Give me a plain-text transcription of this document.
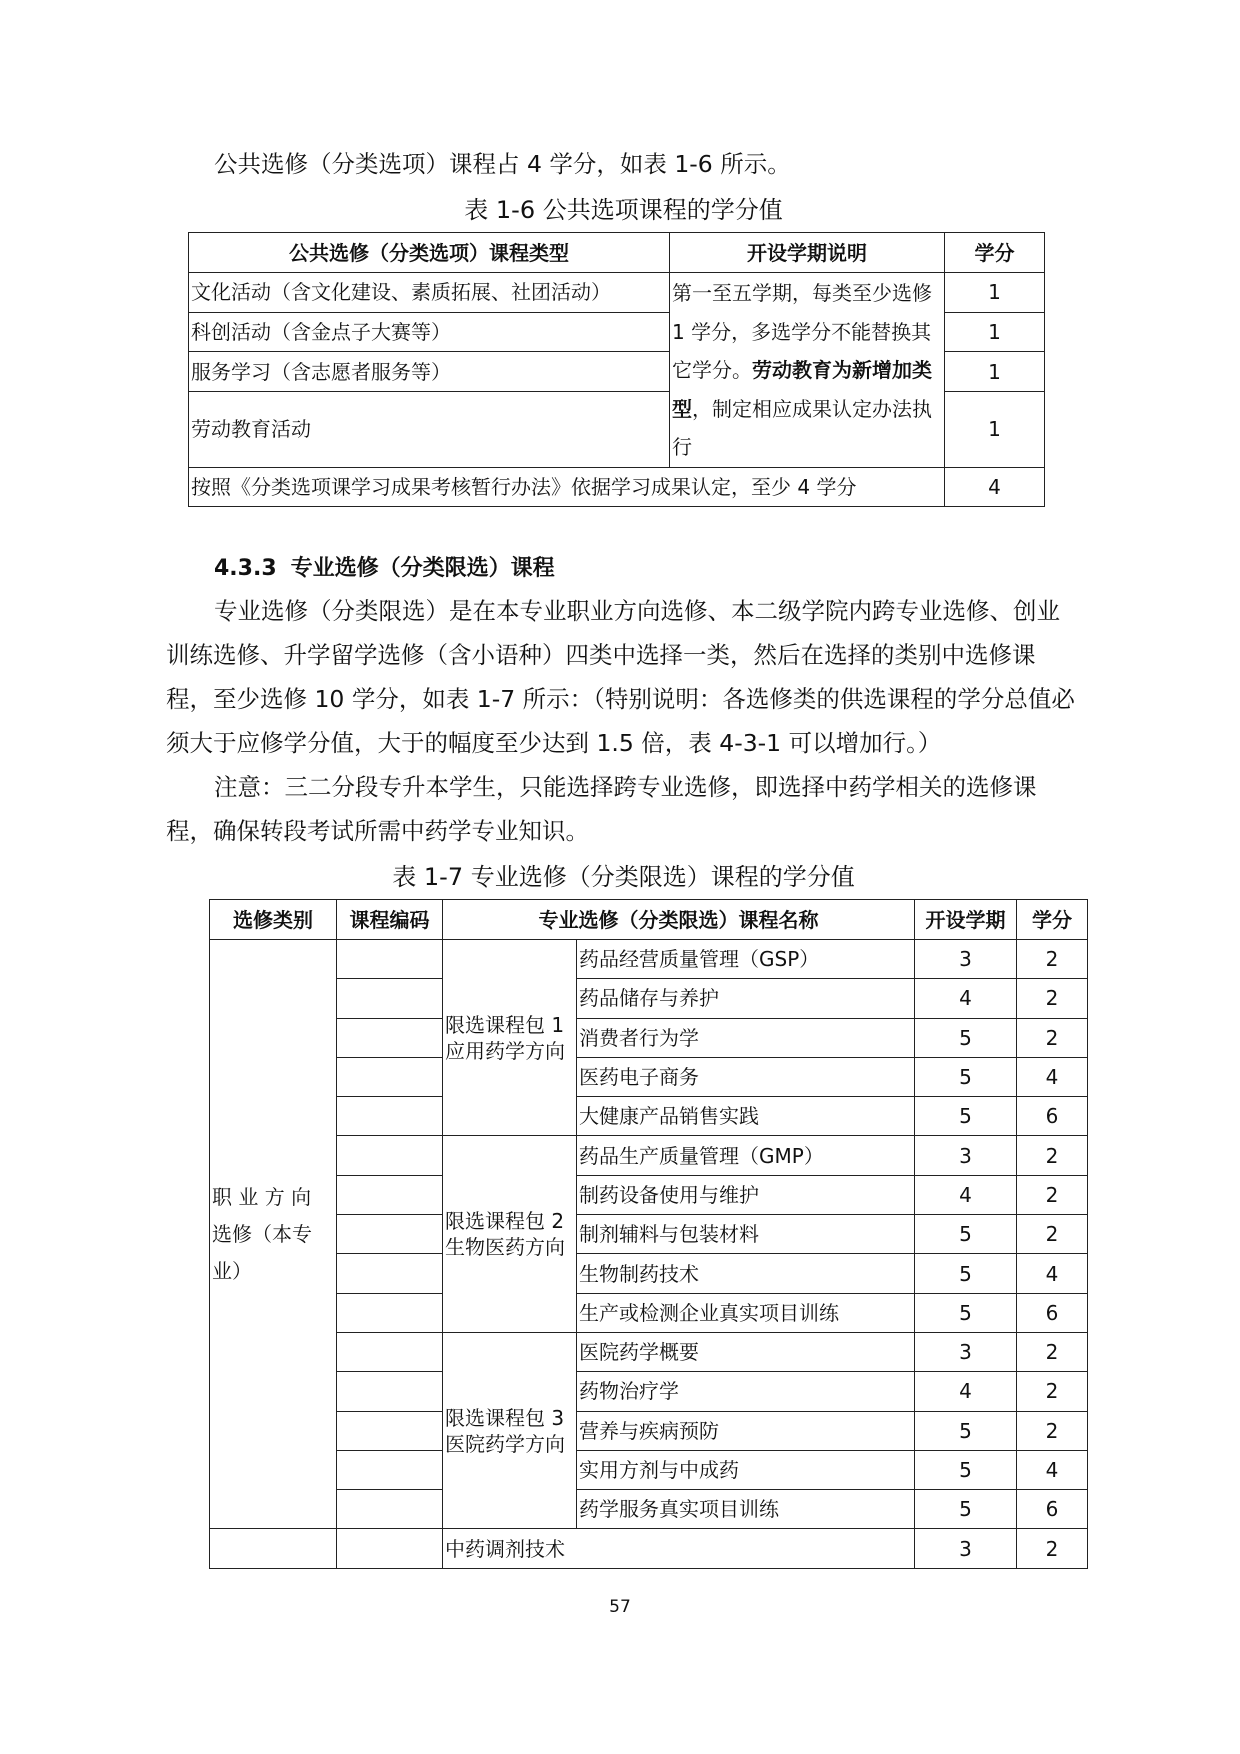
公共选修（分类选项）课程占 4 学分，如表 1-6 所示。

表 1-6 公共选项课程的学分值

公共选修（分类选项）课程类型	开设学期说明	学分
文化活动（含文化建设、素质拓展、社团活动）	第一至五学期，每类至少选修 1 学分，多选学分不能替换其它学分。劳动教育为新增加类型，制定相应成果认定办法执行	1
科创活动（含金点子大赛等）		1
服务学习（含志愿者服务等）		1
劳动教育活动		1
按照《分类选项课学习成果考核暂行办法》依据学习成果认定，至少 4 学分		4

4.3.3 专业选修（分类限选）课程

专业选修（分类限选）是在本专业职业方向选修、本二级学院内跨专业选修、创业训练选修、升学留学选修（含小语种）四类中选择一类，然后在选择的类别中选修课程，至少选修 10 学分，如表 1-7 所示：（特别说明：各选修类的供选课程的学分总值必须大于应修学分值，大于的幅度至少达到 1.5 倍，表 4-3-1 可以增加行。）

注意：三二分段专升本学生，只能选择跨专业选修，即选择中药学相关的选修课程，确保转段考试所需中药学专业知识。

表 1-7 专业选修（分类限选）课程的学分值

选修类别	课程编码	专业选修（分类限选）课程名称		开设学期	学分
职 业 方 向 选修（本专业）		限选课程包 1 应用药学方向	药品经营质量管理（GSP）	3	2
			药品储存与养护	4	2
			消费者行为学	5	2
			医药电子商务	5	4
			大健康产品销售实践	5	6
		限选课程包 2 生物医药方向	药品生产质量管理（GMP）	3	2
			制药设备使用与维护	4	2
			制剂辅料与包装材料	5	2
			生物制药技术	5	4
			生产或检测企业真实项目训练	5	6
		限选课程包 3 医院药学方向	医院药学概要	3	2
			药物治疗学	4	2
			营养与疾病预防	5	2
			实用方剂与中成药	5	4
			药学服务真实项目训练	5	6
		中药调剂技术		3	2

57
